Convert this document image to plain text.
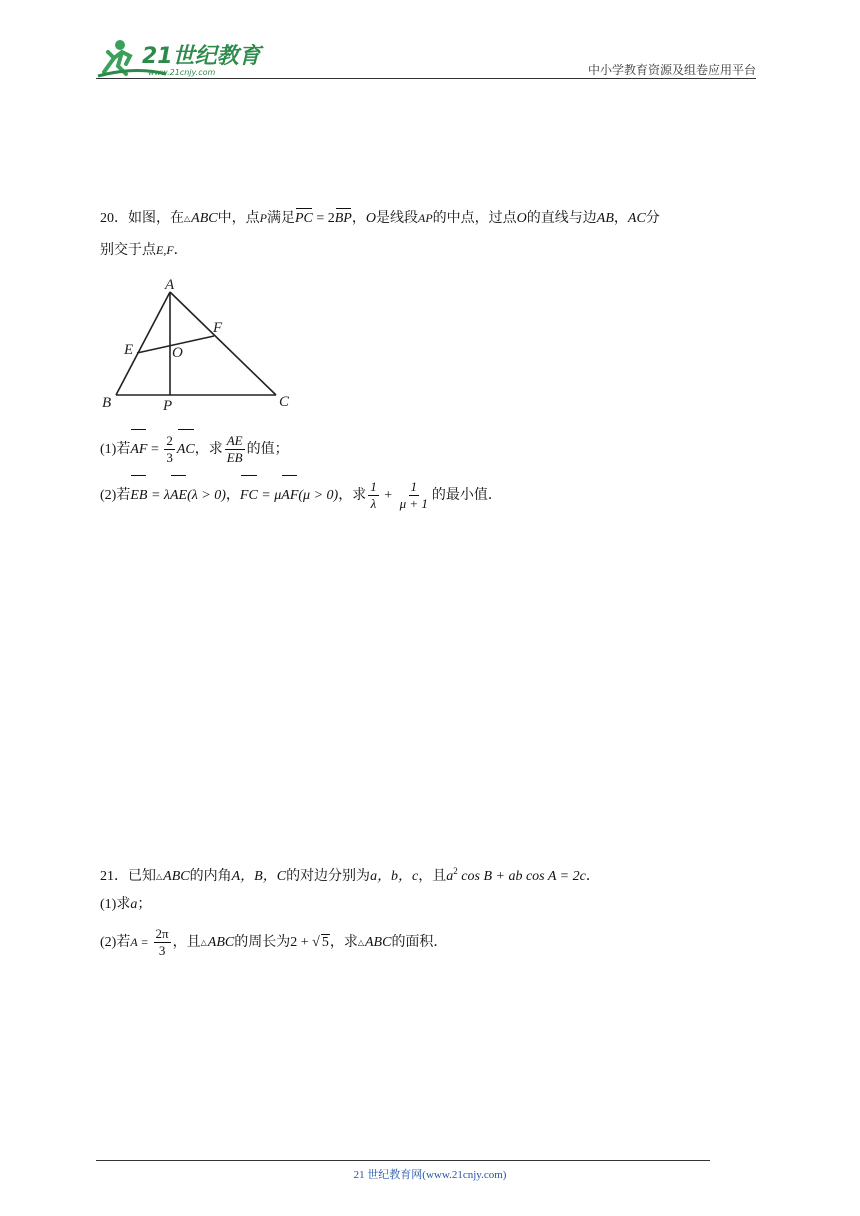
21世纪教育
www.21cnjy.com	中小学教育资源及组卷应用平台
20．如图，在△ABC中，点P满足PC = 2BP，O是线段AP的中点，过点O的直线与边AB，AC分
别交于点E,F．
A
B	C
E
F
O
P
(1)若AF = $\frac{2}{3}$ AC，求 $\frac{AE}{EB}$ 的值；
(2)若EB = λAE(λ > 0)，FC = μAF(μ > 0)，求 $\frac{1}{\lambda} + \frac{1}{\mu + 1}$ 的最小值．
21．已知△ABC的内角A，B，C的对边分别为a，b，c，且$a^2$ cos B + ab cos A = 2c．
(1)求a；
(2)若$A = \frac{2\pi}{3}$ ，且△ABC的周长为2 + √ 5，求△ABC的面积．
21 世纪教育网(www.21cnjy.com)
